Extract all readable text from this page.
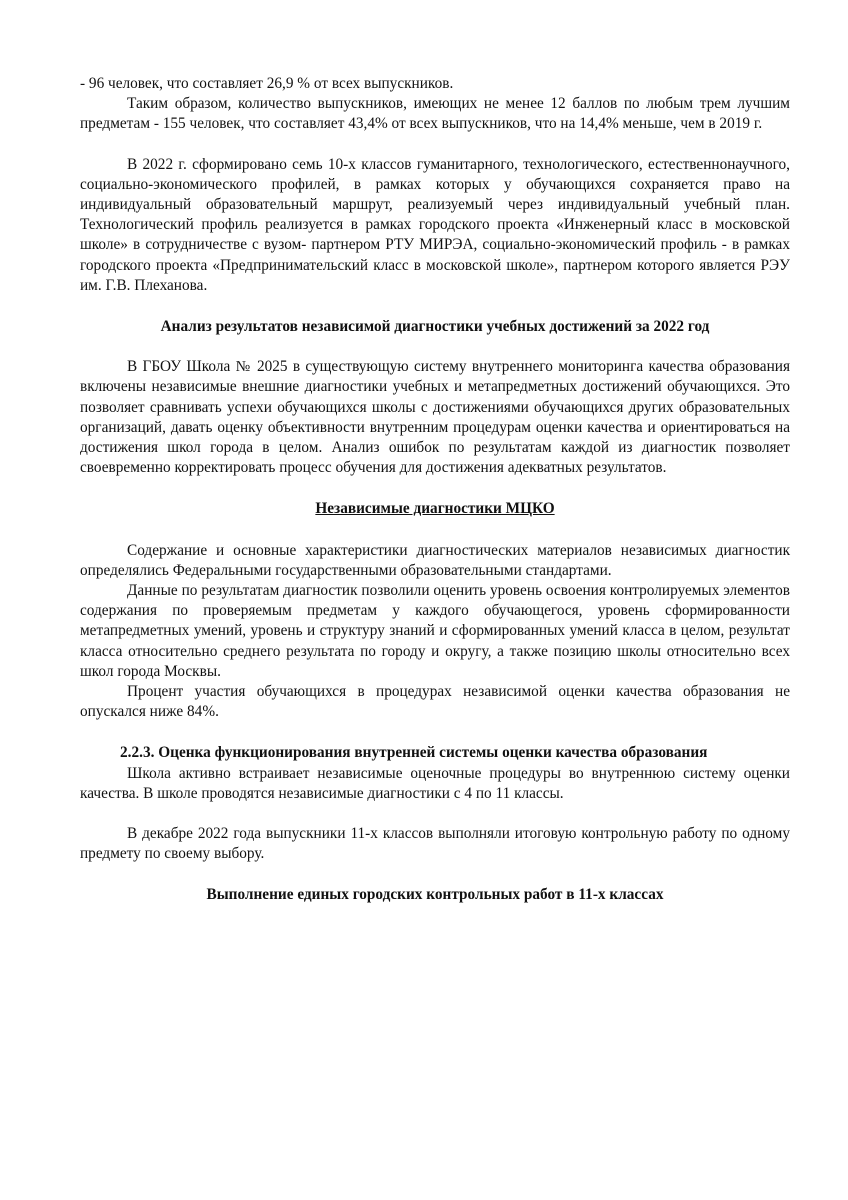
- 96 человек, что составляет 26,9 % от всех выпускников.

Таким образом, количество выпускников, имеющих не менее 12 баллов по любым трем лучшим предметам - 155 человек, что составляет 43,4% от всех выпускников, что на 14,4% меньше, чем в 2019 г.

В 2022 г. сформировано семь 10-х классов гуманитарного, технологического, естественнонаучного, социально-экономического профилей, в рамках которых у обучающихся сохраняется право на индивидуальный образовательный маршрут, реализуемый через индивидуальный учебный план. Технологический профиль реализуется в рамках городского проекта «Инженерный класс в московской школе» в сотрудничестве с вузом- партнером РТУ МИРЭА, социально-экономический профиль - в рамках городского проекта «Предпринимательский класс в московской школе», партнером которого является РЭУ им. Г.В. Плеханова.

Анализ результатов независимой диагностики учебных достижений за 2022 год

В ГБОУ Школа № 2025 в существующую систему внутреннего мониторинга качества образования включены независимые внешние диагностики учебных и метапредметных достижений обучающихся. Это позволяет сравнивать успехи обучающихся школы с достижениями обучающихся других образовательных организаций, давать оценку объективности внутренним процедурам оценки качества и ориентироваться на достижения школ города в целом. Анализ ошибок по результатам каждой из диагностик позволяет своевременно корректировать процесс обучения для достижения адекватных результатов.

Независимые диагностики МЦКО

Содержание и основные характеристики диагностических материалов независимых диагностик определялись Федеральными государственными образовательными стандартами.

Данные по результатам диагностик позволили оценить уровень освоения контролируемых элементов содержания по проверяемым предметам у каждого обучающегося, уровень сформированности метапредметных умений, уровень и структуру знаний и сформированных умений класса в целом, результат класса относительно среднего результата по городу и округу, а также позицию школы относительно всех школ города Москвы.

Процент участия обучающихся в процедурах независимой оценки качества образования не опускался ниже 84%.

2.2.3. Оценка функционирования внутренней системы оценки качества образования

Школа активно встраивает независимые оценочные процедуры во внутреннюю систему оценки качества. В школе проводятся независимые диагностики с 4 по 11 классы.

В декабре 2022 года выпускники 11-х классов выполняли итоговую контрольную работу по одному предмету по своему выбору.

Выполнение единых городских контрольных работ в 11-х классах
